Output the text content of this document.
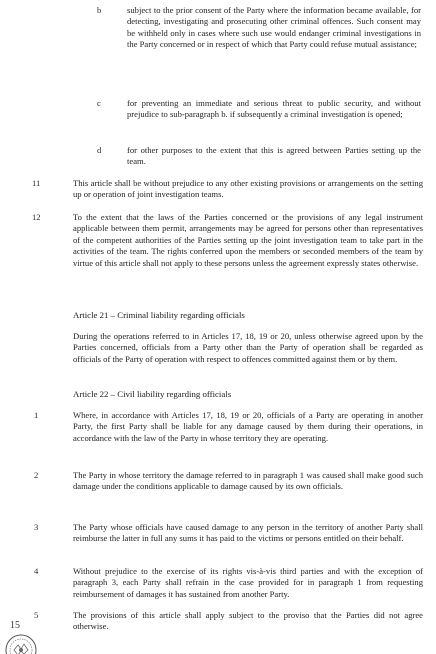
b	subject to the prior consent of the Party where the information became available, for detecting, investigating and prosecuting other criminal offences. Such consent may be withheld only in cases where such use would endanger criminal investigations in the Party concerned or in respect of which that Party could refuse mutual assistance;
c	for preventing an immediate and serious threat to public security, and without prejudice to sub-paragraph b. if subsequently a criminal investigation is opened;
d	for other purposes to the extent that this is agreed between Parties setting up the team.
11	This article shall be without prejudice to any other existing provisions or arrangements on the setting up or operation of joint investigation teams.
12	To the extent that the laws of the Parties concerned or the provisions of any legal instrument applicable between them permit, arrangements may be agreed for persons other than representatives of the competent authorities of the Parties setting up the joint investigation team to take part in the activities of the team. The rights conferred upon the members or seconded members of the team by virtue of this article shall not apply to these persons unless the agreement expressly states otherwise.
Article 21 – Criminal liability regarding officials
During the operations referred to in Articles 17, 18, 19 or 20, unless otherwise agreed upon by the Parties concerned, officials from a Party other than the Party of operation shall be regarded as officials of the Party of operation with respect to offences committed against them or by them.
Article 22 – Civil liability regarding officials
1	Where, in accordance with Articles 17, 18, 19 or 20, officials of a Party are operating in another Party, the first Party shall be liable for any damage caused by them during their operations, in accordance with the law of the Party in whose territory they are operating.
2	The Party in whose territory the damage referred to in paragraph 1 was caused shall make good such damage under the conditions applicable to damage caused by its own officials.
3	The Party whose officials have caused damage to any person in the territory of another Party shall reimburse the latter in full any sums it has paid to the victims or persons entitled on their behalf.
4	Without prejudice to the exercise of its rights vis-à-vis third parties and with the exception of paragraph 3, each Party shall refrain in the case provided for in paragraph 1 from requesting reimbursement of damages it has sustained from another Party.
5	The provisions of this article shall apply subject to the proviso that the Parties did not agree otherwise.
15
